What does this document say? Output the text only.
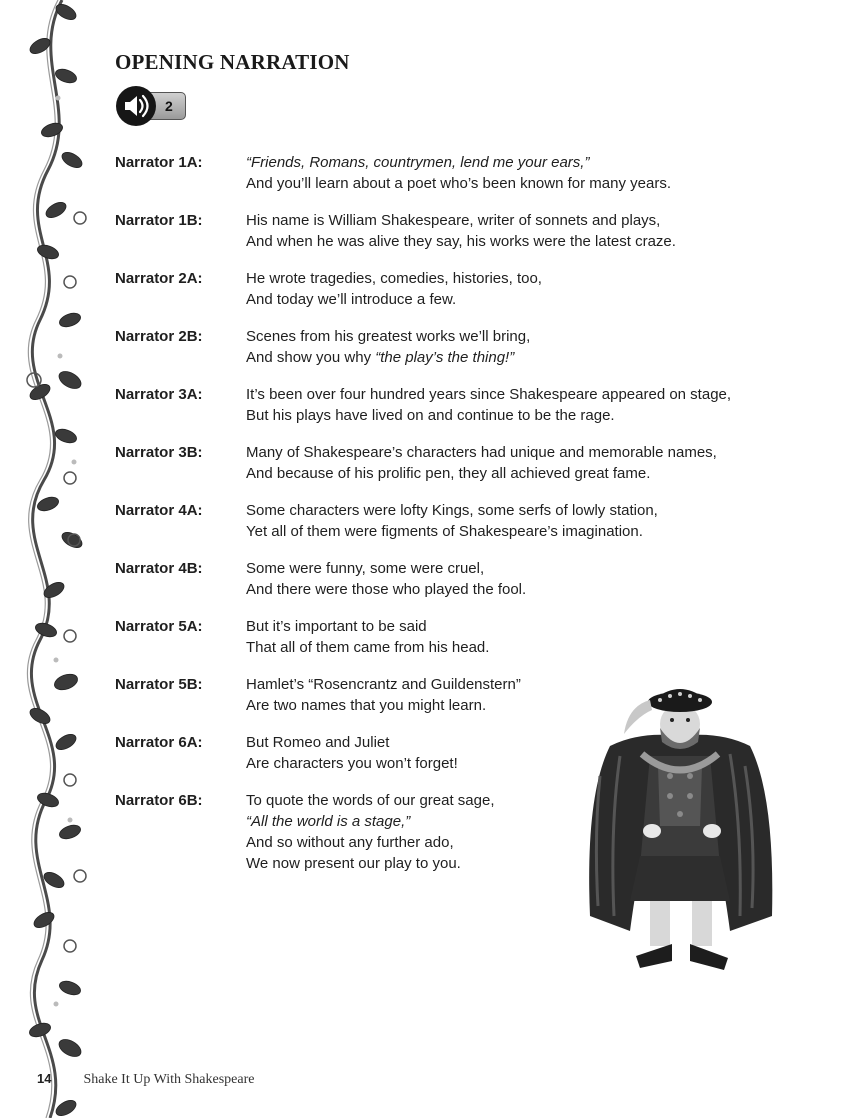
OPENING NARRATION
2
Narrator 1A:	“Friends, Romans, countrymen, lend me your ears,”
And you’ll learn about a poet who’s been known for many years.
Narrator 1B:	His name is William Shakespeare, writer of sonnets and plays,
And when he was alive they say, his works were the latest craze.
Narrator 2A:	He wrote tragedies, comedies, histories, too,
And today we’ll introduce a few.
Narrator 2B:	Scenes from his greatest works we’ll bring,
And show you why “the play’s the thing!”
Narrator 3A:	It’s been over four hundred years since Shakespeare appeared on stage,
But his plays have lived on and continue to be the rage.
Narrator 3B:	Many of Shakespeare’s characters had unique and memorable names,
And because of his prolific pen, they all achieved great fame.
Narrator 4A:	Some characters were lofty Kings, some serfs of lowly station,
Yet all of them were figments of Shakespeare’s imagination.
Narrator 4B:	Some were funny, some were cruel,
And there were those who played the fool.
Narrator 5A:	But it’s important to be said
That all of them came from his head.
Narrator 5B:	Hamlet’s “Rosencrantz and Guildenstern”
Are two names that you might learn.
Narrator 6A:	But Romeo and Juliet
Are characters you won’t forget!
Narrator 6B:	To quote the words of our great sage,
“All the world is a stage,”
And so without any further ado,
We now present our play to you.
14 Shake It Up With Shakespeare
